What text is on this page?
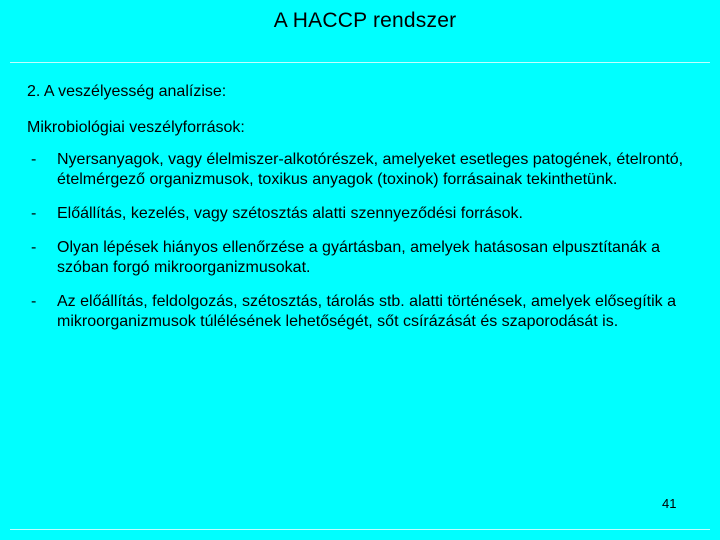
A HACCP rendszer
2. A veszélyesség analízise:
Mikrobiológiai veszélyforrások:
- Nyersanyagok, vagy élelmiszer-alkotórészek, amelyeket esetleges patogének, ételrontó, ételmérgező organizmusok, toxikus anyagok (toxinok) forrásainak tekinthetünk.
- Előállítás, kezelés, vagy szétosztás alatti szennyeződési források.
- Olyan lépések hiányos ellenőrzése a gyártásban, amelyek hatásosan elpusztítanák a szóban forgó mikroorganizmusokat.
- Az előállítás, feldolgozás, szétosztás, tárolás stb. alatti történések, amelyek elősegítik a mikroorganizmusok túlélésének lehetőségét, sőt csírázását és szaporodását is.
41
